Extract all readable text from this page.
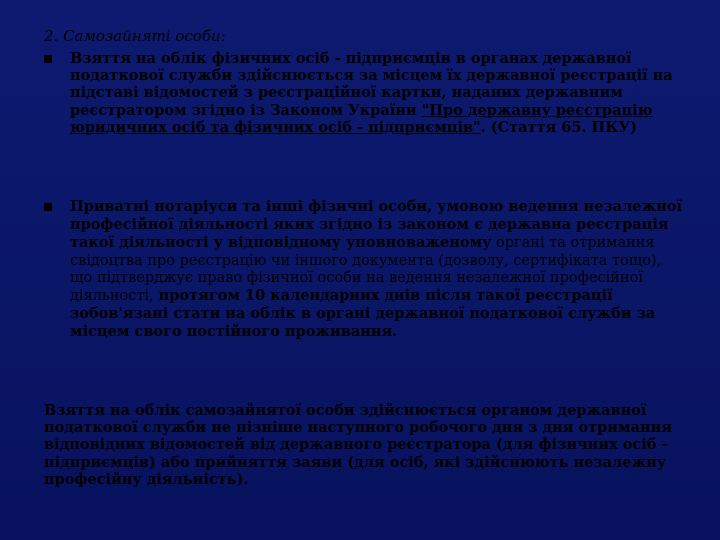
2. Самозайняті особи:
Взяття на облік фізичних осіб - підприємців в органах державної податкової служби здійснюється за місцем їх державної реєстрації на підставі відомостей з реєстраційної картки, наданих державним реєстратором згідно із Законом України "Про державну реєстрацію юридичних осіб та фізичних осіб - підприємців". (Стаття 65. ПКУ)
Приватні нотаріуси та інші фізичні особи, умовою ведення незалежної професійної діяльності яких згідно із законом є державна реєстрація такої діяльності у відповідному уповноваженому органі та отримання свідоцтва про реєстрацію чи іншого документа (дозволу, сертифіката тощо), що підтверджує право фізичної особи на ведення незалежної професійної діяльності, протягом 10 календарних днів після такої реєстрації зобов'язані стати на облік в органі державної податкової служби за місцем свого постійного проживання.
Взяття на облік самозайнятої особи здійснюється органом державної податкової служби не пізніше наступного робочого дня з дня отримання відповідних відомостей від державного реєстратора (для фізичних осіб - підприємців) або прийняття заяви (для осіб, які здійснюють незалежну професійну діяльність).
